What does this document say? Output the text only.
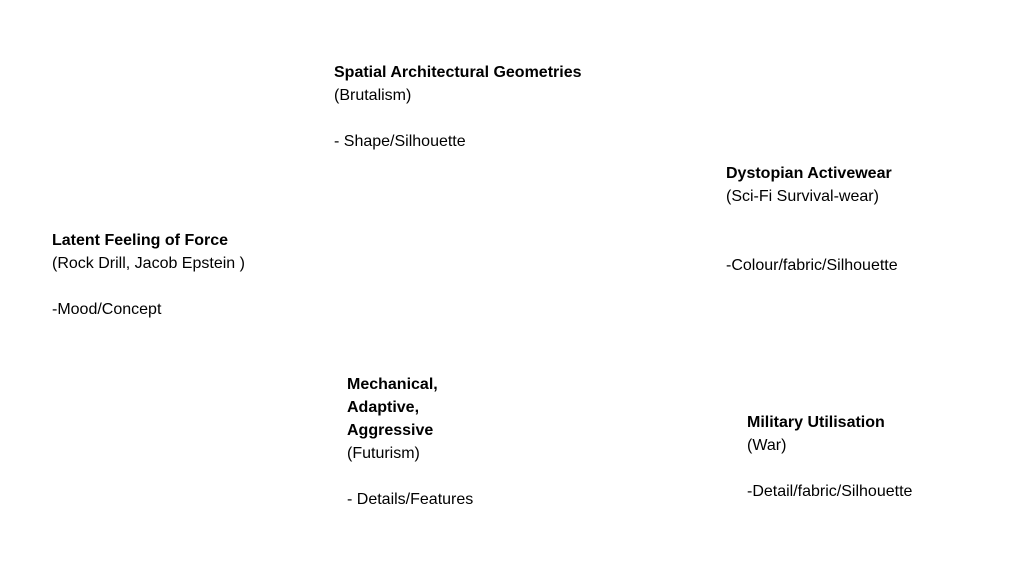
Spatial Architectural Geometries
(Brutalism)
- Shape/Silhouette
Dystopian Activewear
(Sci-Fi Survival-wear)
-Colour/fabric/Silhouette
Latent Feeling of Force
(Rock Drill, Jacob Epstein )
-Mood/Concept
Mechanical,
Adaptive,
Aggressive
(Futurism)
- Details/Features
Military Utilisation
(War)
-Detail/fabric/Silhouette
